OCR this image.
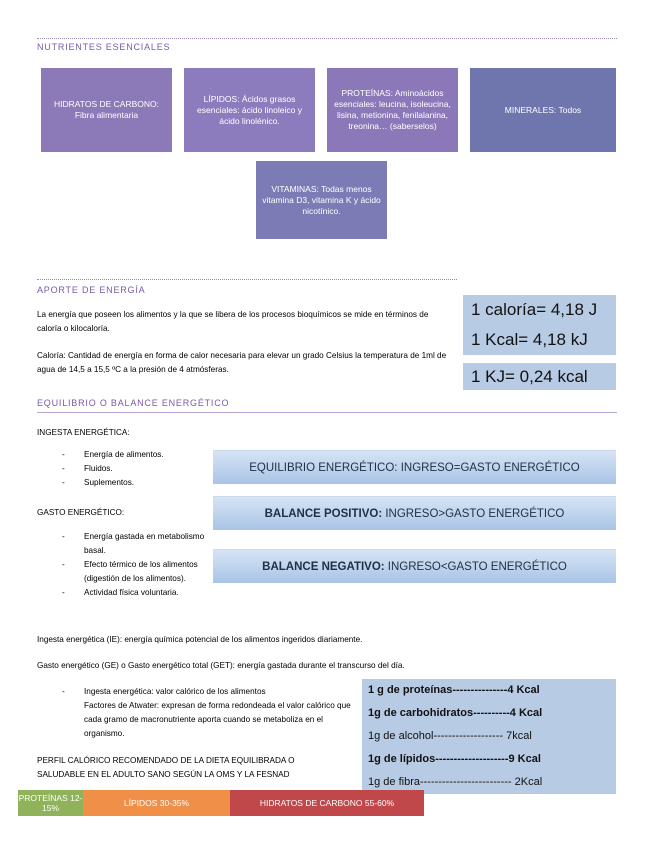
NUTRIENTES ESENCIALES
HIDRATOS DE CARBONO: Fibra alimentaria
LÍPIDOS: Ácidos grasos esenciales: ácido linoleico y ácido linolénico.
PROTEÍNAS: Aminoácidos esenciales: leucina, isoleucina, lisina, metionina, fenilalanina, treonina… (saberselos)
MINERALES: Todos
VITAMINAS: Todas menos vitamina D3, vitamina K y ácido nicotínico.
APORTE DE ENERGÍA
La energía que poseen los alimentos y la que se libera de los procesos bioquímicos se mide en términos de caloría o kilocaloría.
Caloría: Cantidad de energía en forma de calor necesaria para elevar un grado Celsius la temperatura de 1ml de agua de 14,5 a 15,5 ºC a la presión de 4 atmósferas.
1 caloría= 4,18 J
1 Kcal= 4,18 kJ
1 KJ= 0,24 kcal
EQUILIBRIO O BALANCE ENERGÉTICO
INGESTA ENERGÉTICA:
- Energía de alimentos.
- Fluidos.
- Suplementos.
GASTO ENERGÉTICO:
- Energía gastada en metabolismo basal.
- Efecto térmico de los alimentos (digestión de los alimentos).
- Actividad física voluntaria.
EQUILIBRIO ENERGÉTICO: INGRESO=GASTO ENERGÉTICO
BALANCE POSITIVO: INGRESO>GASTO ENERGÉTICO
BALANCE NEGATIVO: INGRESO<GASTO ENERGÉTICO
Ingesta energética (IE): energía química potencial de los alimentos ingeridos diariamente.
Gasto energético (GE) o Gasto energético total (GET): energía gastada durante el transcurso del día.
- Ingesta energética: valor calórico de los alimentos
Factores de Atwater: expresan de forma redondeada el valor calórico que cada gramo de macronutriente aporta cuando se metaboliza en el organismo.
PERFIL CALÓRICO RECOMENDADO DE LA DIETA EQUILIBRADA O SALUDABLE EN EL ADULTO SANO SEGÚN LA OMS Y LA FESNAD
1 g de proteínas---------------4 Kcal
1g de carbohidratos----------4 Kcal
1g de alcohol------------------- 7kcal
1g de lípidos--------------------9 Kcal
1g de fibra------------------------- 2Kcal
PROTEÍNAS 12-15%	LÍPIDOS 30-35%	HIDRATOS DE CARBONO 55-60%
